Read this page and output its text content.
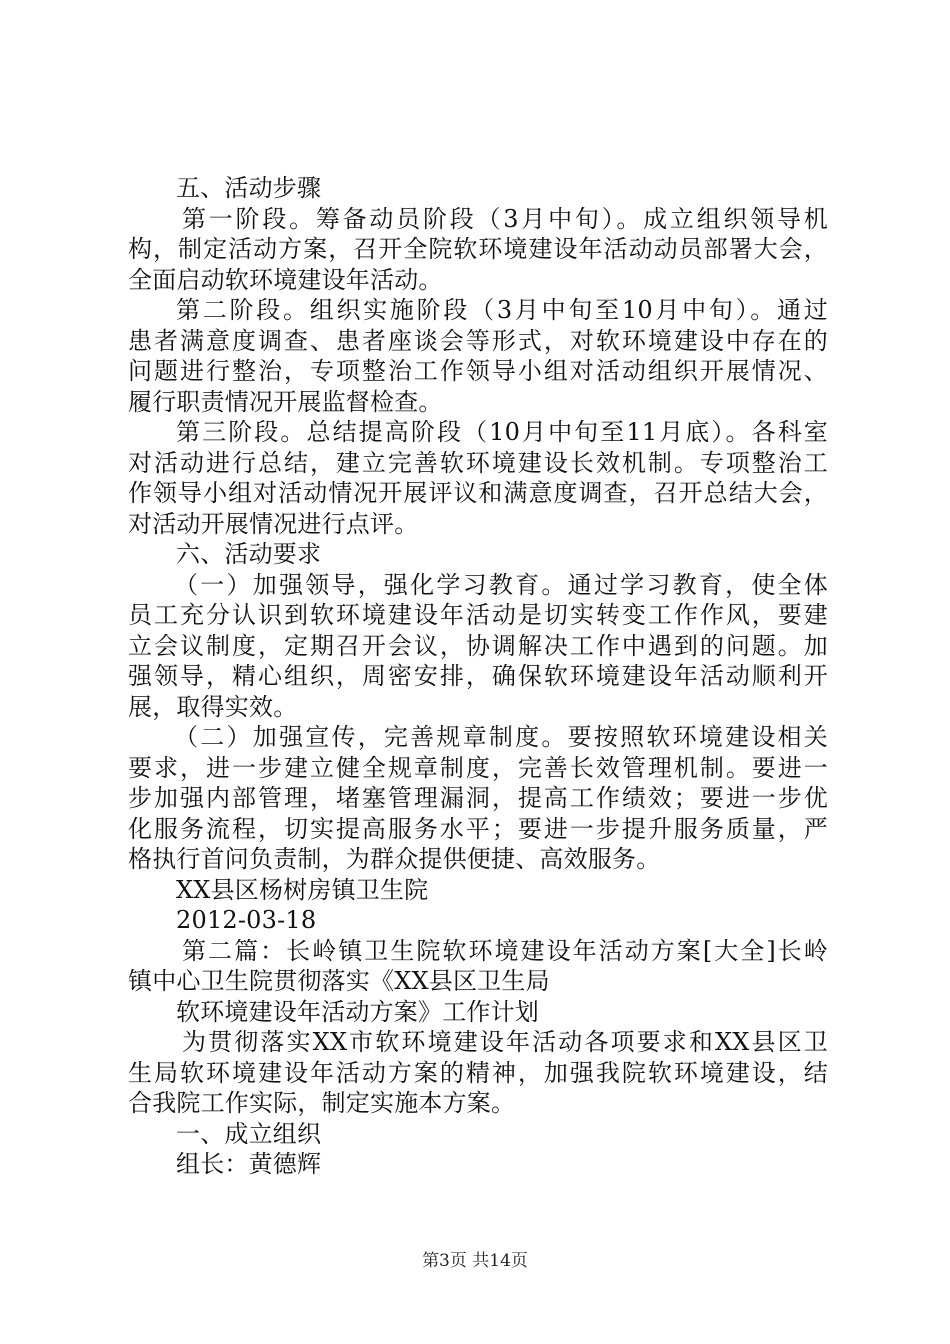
五、活动步骤
第一阶段。筹备动员阶段（3月中旬）。成立组织领导机
构，制定活动方案，召开全院软环境建设年活动动员部署大会，
全面启动软环境建设年活动。
第二阶段。组织实施阶段（3月中旬至10月中旬）。通过
患者满意度调查、患者座谈会等形式，对软环境建设中存在的
问题进行整治，专项整治工作领导小组对活动组织开展情况、
履行职责情况开展监督检查。
第三阶段。总结提高阶段（10月中旬至11月底）。各科室
对活动进行总结，建立完善软环境建设长效机制。专项整治工
作领导小组对活动情况开展评议和满意度调查，召开总结大会，
对活动开展情况进行点评。
六、活动要求
（一）加强领导，强化学习教育。通过学习教育，使全体
员工充分认识到软环境建设年活动是切实转变工作作风，要建
立会议制度，定期召开会议，协调解决工作中遇到的问题。加
强领导，精心组织，周密安排，确保软环境建设年活动顺利开
展，取得实效。
（二）加强宣传，完善规章制度。要按照软环境建设相关
要求，进一步建立健全规章制度，完善长效管理机制。要进一
步加强内部管理，堵塞管理漏洞，提高工作绩效；要进一步优
化服务流程，切实提高服务水平；要进一步提升服务质量，严
格执行首问负责制，为群众提供便捷、高效服务。
XX县区杨树房镇卫生院
2012-03-18
第二篇：长岭镇卫生院软环境建设年活动方案[大全]长岭
镇中心卫生院贯彻落实《XX县区卫生局
软环境建设年活动方案》工作计划
为贯彻落实XX市软环境建设年活动各项要求和XX县区卫
生局软环境建设年活动方案的精神，加强我院软环境建设，结
合我院工作实际，制定实施本方案。
一、成立组织
组长：黄德辉
第3页 共14页
